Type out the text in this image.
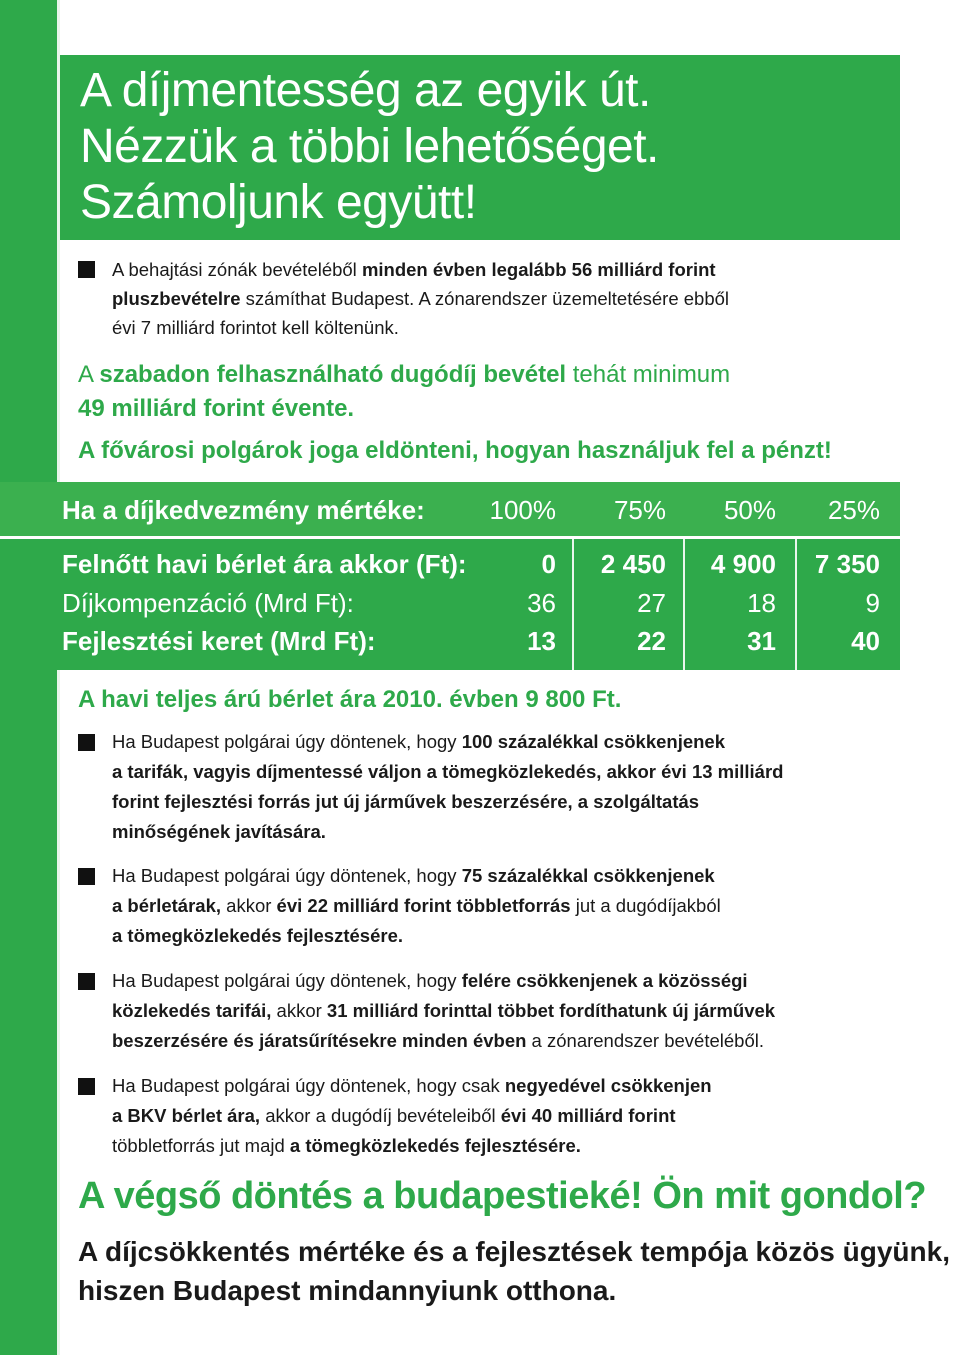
A díjmentesség az egyik út.
Nézzük a többi lehetőséget.
Számoljunk együtt!
A behajtási zónák bevételéből minden évben legalább 56 milliárd forint
pluszbevételre számíthat Budapest. A zónarendszer üzemeltetésére ebből
évi 7 milliárd forintot kell költenünk.
A szabadon felhasználható dugódíj bevétel tehát minimum
49 milliárd forint évente.
A fővárosi polgárok joga eldönteni, hogyan használjuk fel a pénzt!
Ha a díjkedvezmény mértéke: 100%	75%	50%	25%
Felnőtt havi bérlet ára akkor (Ft):	0	2 450	4 900	7 350
Díjkompenzáció (Mrd Ft):	36	27	18	9
Fejlesztési keret (Mrd Ft):	13	22	31	40
A havi teljes árú bérlet ára 2010. évben 9 800 Ft.
Ha Budapest polgárai úgy döntenek, hogy 100 százalékkal csökkenjenek
a tarifák, vagyis díjmentessé váljon a tömegközlekedés, akkor évi 13 milliárd
forint fejlesztési forrás jut új járművek beszerzésére, a szolgáltatás
minőségének javítására.
Ha Budapest polgárai úgy döntenek, hogy 75 százalékkal csökkenjenek
a bérletárak, akkor évi 22 milliárd forint többletforrás jut a dugódíjakból
a tömegközlekedés fejlesztésére.
Ha Budapest polgárai úgy döntenek, hogy felére csökkenjenek a közösségi
közlekedés tarifái, akkor 31 milliárd forinttal többet fordíthatunk új járművek
beszerzésére és járatsűrítésekre minden évben a zónarendszer bevételéből.
Ha Budapest polgárai úgy döntenek, hogy csak negyedével csökkenjen
a BKV bérlet ára, akkor a dugódíj bevételeiből évi 40 milliárd forint
többletforrás jut majd a tömegközlekedés fejlesztésére.
A végső döntés a budapestieké! Ön mit gondol?
A díjcsökkentés mértéke és a fejlesztések tempója közös ügyünk,
hiszen Budapest mindannyiunk otthona.
